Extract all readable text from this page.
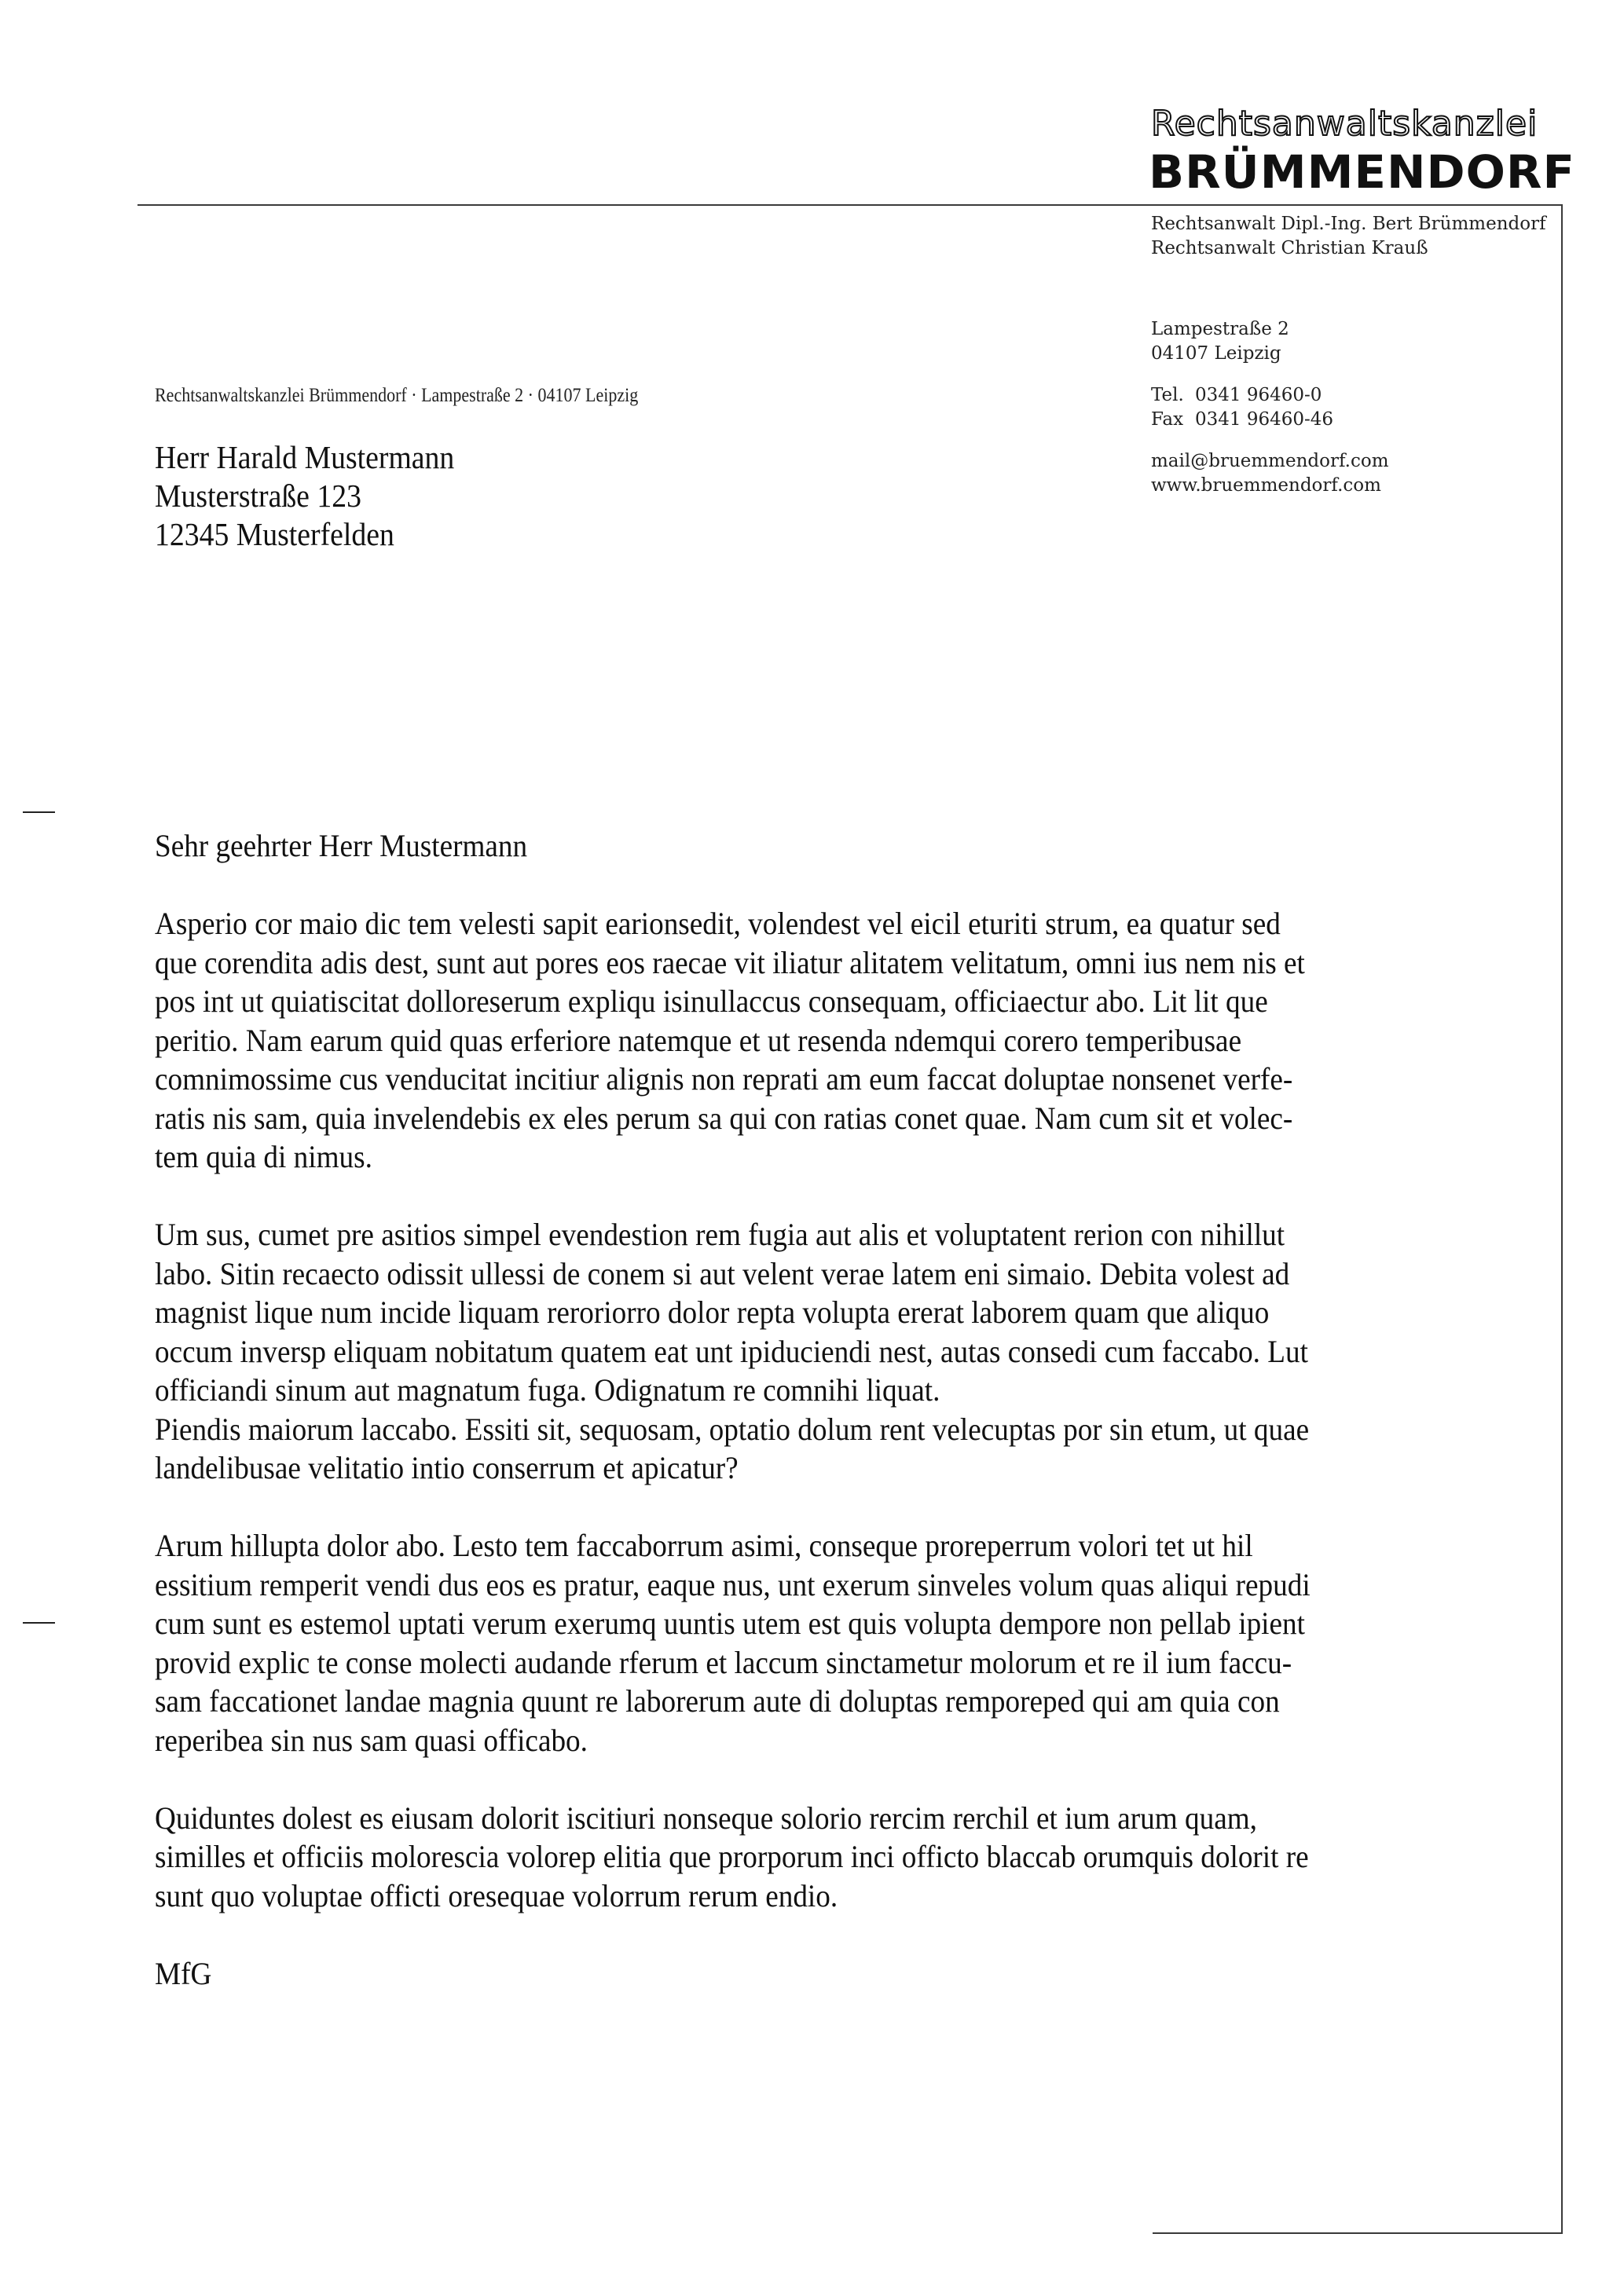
Rechtsanwaltskanzlei
BRÜMMENDORF
Rechtsanwalt Dipl.-Ing. Bert Brümmendorf
Rechtsanwalt Christian Krauß
Lampestraße 2
04107 Leipzig
Tel. 0341 96460-0
Fax 0341 96460-46
mail@bruemmendorf.com
www.bruemmendorf.com
Rechtsanwaltskanzlei Brümmendorf · Lampestraße 2 · 04107 Leipzig
Herr Harald Mustermann
Musterstraße 123
12345 Musterfelden
Sehr geehrter Herr Mustermann
Asperio cor maio dic tem velesti sapit earionsedit, volendest vel eicil eturiti strum, ea quatur sed
que corendita adis dest, sunt aut pores eos raecae vit iliatur alitatem velitatum, omni ius nem nis et
pos int ut quiatiscitat dolloreserum expliqu isinullaccus consequam, officiaectur abo. Lit lit que
peritio. Nam earum quid quas erferiore natemque et ut resenda ndemqui corero temperibusae
comnimossime cus venducitat incitiur alignis non reprati am eum faccat doluptae nonsenet verfe-
ratis nis sam, quia invelendebis ex eles perum sa qui con ratias conet quae. Nam cum sit et volec-
tem quia di nimus.
Um sus, cumet pre asitios simpel evendestion rem fugia aut alis et voluptatent rerion con nihillut
labo. Sitin recaecto odissit ullessi de conem si aut velent verae latem eni simaio. Debita volest ad
magnist lique num incide liquam reroriorro dolor repta volupta ererat laborem quam que aliquo
occum inversp eliquam nobitatum quatem eat unt ipiduciendi nest, autas consedi cum faccabo. Lut
officiandi sinum aut magnatum fuga. Odignatum re comnihi liquat.
Piendis maiorum laccabo. Essiti sit, sequosam, optatio dolum rent velecuptas por sin etum, ut quae
landelibusae velitatio intio conserrum et apicatur?
Arum hillupta dolor abo. Lesto tem faccaborrum asimi, conseque proreperrum volori tet ut hil
essitium remperit vendi dus eos es pratur, eaque nus, unt exerum sinveles volum quas aliqui repudi
cum sunt es estemol uptati verum exerumq uuntis utem est quis volupta dempore non pellab ipient
provid explic te conse molecti audande rferum et laccum sinctametur molorum et re il ium faccu-
sam faccationet landae magnia quunt re laborerum aute di doluptas remporeped qui am quia con
reperibea sin nus sam quasi officabo.
Quiduntes dolest es eiusam dolorit iscitiuri nonseque solorio rercim rerchil et ium arum quam,
similles et officiis molorescia volorep elitia que prorporum inci officto blaccab orumquis dolorit re
sunt quo voluptae officti oresequae volorrum rerum endio.
MfG
